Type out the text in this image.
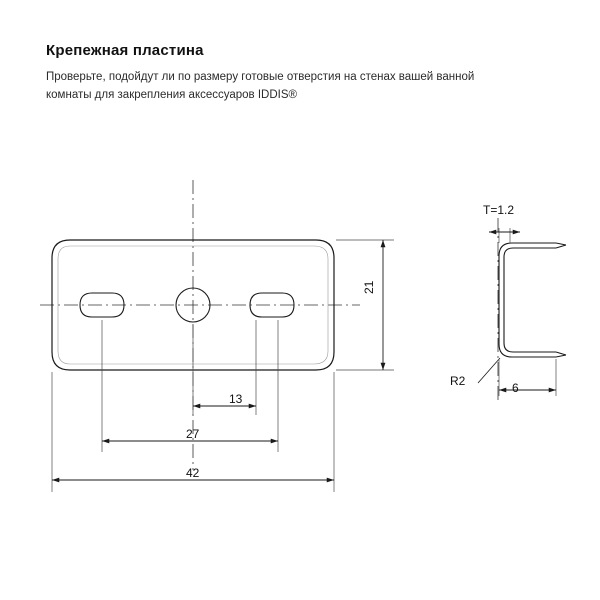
Крепежная пластина

Проверьте, подойдут ли по размеру готовые отверстия на стенах вашей ванной комнаты для закрепления аксессуаров IDDIS®

42
27
13
21
T=1.2
R2	6
